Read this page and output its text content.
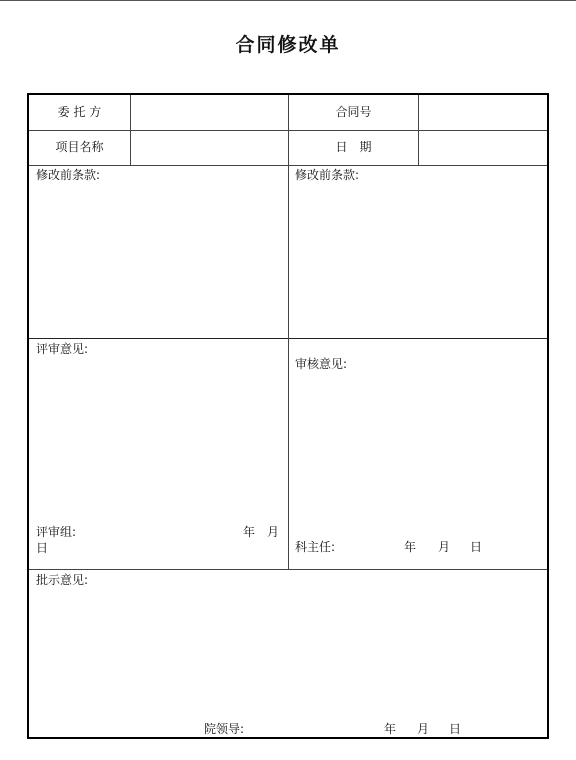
合同修改单
委 托 方	合同号
项目名称	日　期
修改前条款:	修改前条款:
评审意见:
评审组:	年　月
日
审核意见:
科主任:	年 月 日
批示意见:
院领导:	年 月 日
